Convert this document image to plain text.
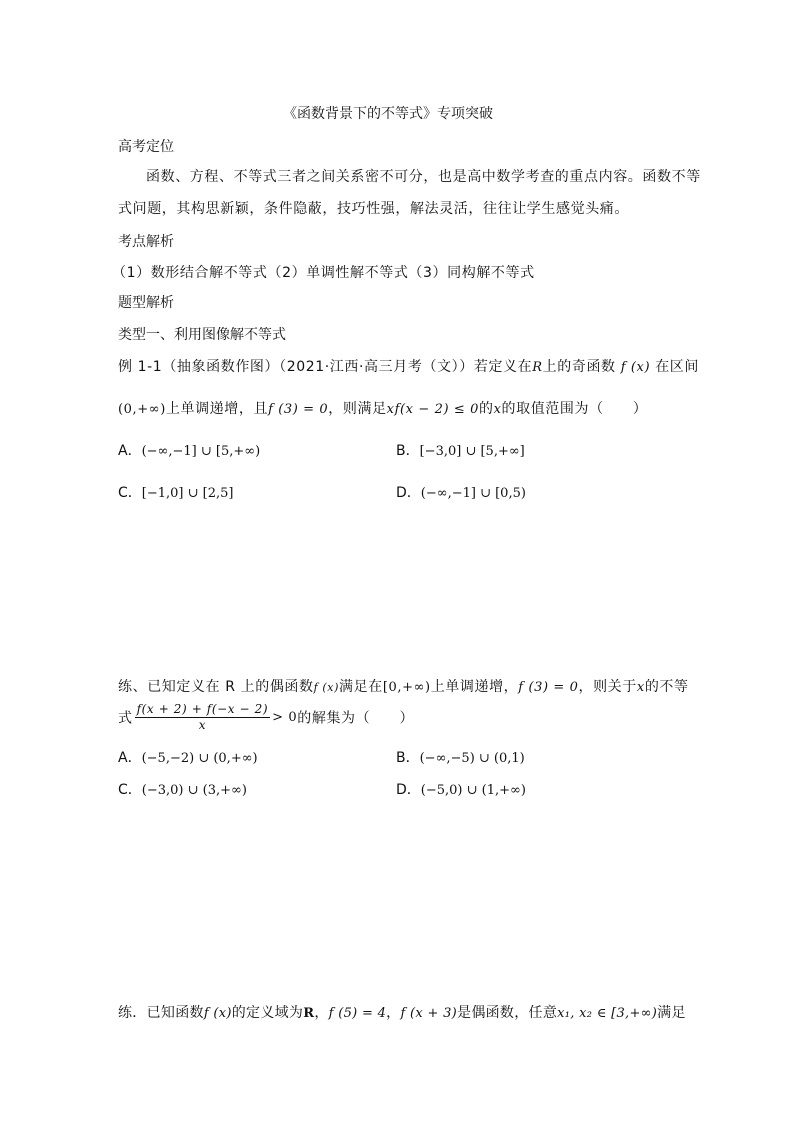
《函数背景下的不等式》专项突破
高考定位
函数、方程、不等式三者之间关系密不可分，也是高中数学考查的重点内容。函数不等
式问题，其构思新颖，条件隐蔽，技巧性强，解法灵活，往往让学生感觉头痛。
考点解析
（1）数形结合解不等式（2）单调性解不等式（3）同构解不等式
题型解析
类型一、利用图像解不等式
例 1-1（抽象函数作图）（2021·江西·高三月考（文））若定义在R上的奇函数 f (x) 在区间
(0,+∞)上单调递增，且f (3) = 0，则满足xf(x − 2) ≤ 0的x的取值范围为（　　）
A．(−∞,−1] ∪ [5,+∞)	B．[−3,0] ∪ [5,+∞]
C．[−1,0] ∪ [2,5]	D．(−∞,−1] ∪ [0,5)
练、已知定义在 R 上的偶函数f (x)满足在[0,+∞)上单调递增，f (3) = 0，则关于x的不等
式 $\frac{f(x + 2) + f(-x - 2)}{x} > 0$的解集为（　　）
A．(−5,−2) ∪ (0,+∞)	B．(−∞,−5) ∪ (0,1)
C．(−3,0) ∪ (3,+∞)	D．(−5,0) ∪ (1,+∞)
练．已知函数f (x)的定义域为R，f (5) = 4，f (x + 3)是偶函数，任意x₁, x₂ ∈ [3,+∞)满足
